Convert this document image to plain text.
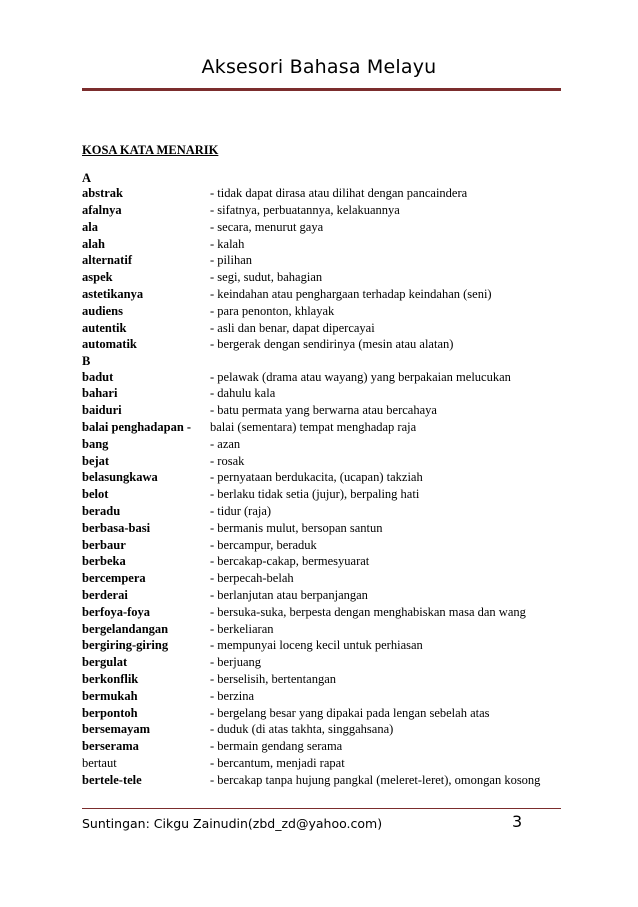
Aksesori Bahasa Melayu
KOSA KATA MENARIK
A
abstrak	- tidak dapat dirasa atau dilihat dengan pancaindera
afalnya	- sifatnya, perbuatannya, kelakuannya
ala	- secara, menurut gaya
alah	- kalah
alternatif	- pilihan
aspek	- segi, sudut, bahagian
astetikanya	- keindahan atau penghargaan terhadap keindahan (seni)
audiens	- para penonton, khlayak
autentik	- asli dan benar, dapat dipercayai
automatik	- bergerak dengan sendirinya (mesin atau alatan)
B
badut	- pelawak (drama atau wayang) yang berpakaian melucukan
bahari	- dahulu kala
baiduri	- batu permata yang berwarna atau bercahaya
balai penghadapan -	balai (sementara) tempat menghadap raja
bang	- azan
bejat	- rosak
belasungkawa	- pernyataan berdukacita, (ucapan) takziah
belot	- berlaku tidak setia (jujur), berpaling hati
beradu	- tidur (raja)
berbasa-basi	- bermanis mulut, bersopan santun
berbaur	- bercampur, beraduk
berbeka	- bercakap-cakap, bermesyuarat
bercempera	- berpecah-belah
berderai	- berlanjutan atau berpanjangan
berfoya-foya	- bersuka-suka, berpesta dengan menghabiskan masa dan wang
bergelandangan	- berkeliaran
bergiring-giring	- mempunyai loceng kecil untuk perhiasan
bergulat	- berjuang
berkonflik	- berselisih, bertentangan
bermukah	- berzina
berpontoh	- bergelang besar yang dipakai pada lengan sebelah atas
bersemayam	- duduk (di atas takhta, singgahsana)
berserama	- bermain gendang serama
bertaut	- bercantum, menjadi rapat
bertele-tele	- bercakap tanpa hujung pangkal (meleret-leret), omongan kosong
Suntingan: Cikgu Zainudin(zbd_zd@yahoo.com)	3
